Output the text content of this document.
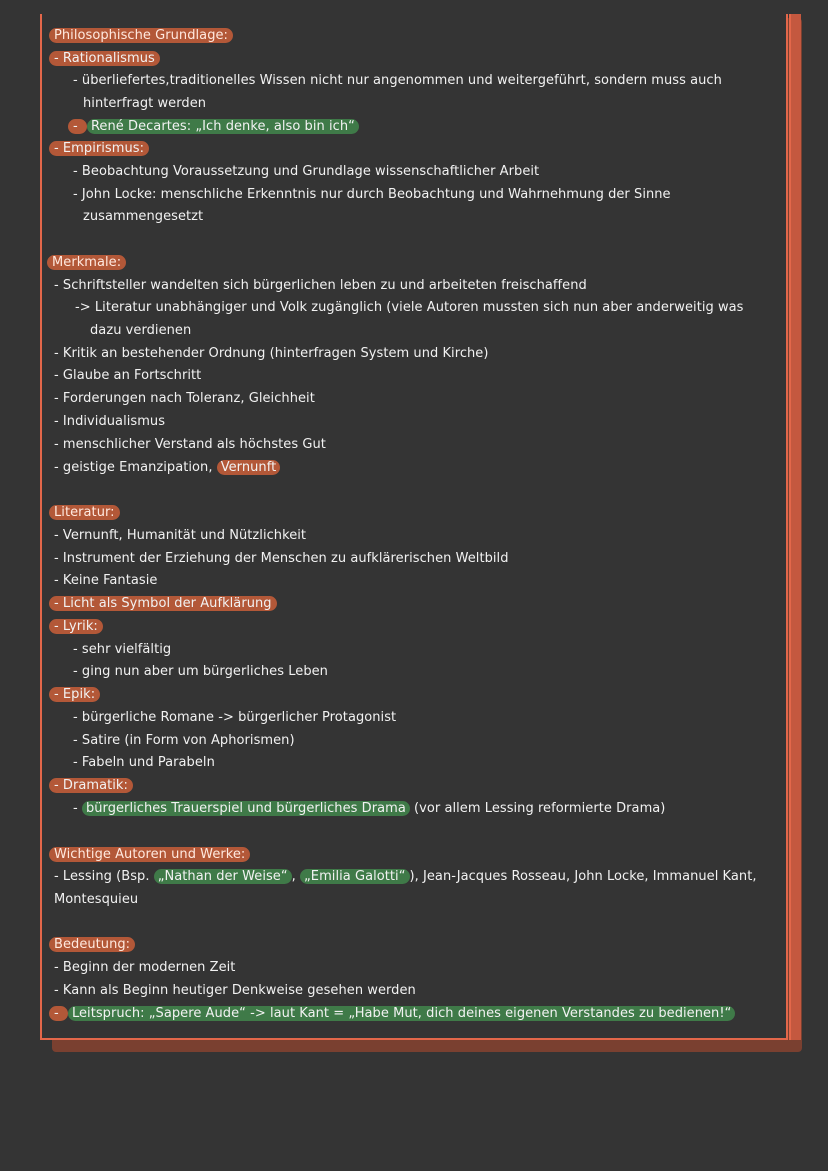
Philosophische Grundlage:
- Rationalismus
- überliefertes,traditionelles Wissen nicht nur angenommen und weitergeführt, sondern muss auch
hinterfragt werden
- René Decartes: „Ich denke, also bin ich“
- Empirismus:
- Beobachtung Voraussetzung und Grundlage wissenschaftlicher Arbeit
- John Locke: menschliche Erkenntnis nur durch Beobachtung und Wahrnehmung der Sinne
zusammengesetzt
Merkmale:
- Schriftsteller wandelten sich bürgerlichen leben zu und arbeiteten freischaffend
-> Literatur unabhängiger und Volk zugänglich (viele Autoren mussten sich nun aber anderweitig was
dazu verdienen
- Kritik an bestehender Ordnung (hinterfragen System und Kirche)
- Glaube an Fortschritt
- Forderungen nach Toleranz, Gleichheit
- Individualismus
- menschlicher Verstand als höchstes Gut
- geistige Emanzipation, Vernunft
Literatur:
- Vernunft, Humanität und Nützlichkeit
- Instrument der Erziehung der Menschen zu aufklärerischen Weltbild
- Keine Fantasie
- Licht als Symbol der Aufklärung
- Lyrik:
- sehr vielfältig
- ging nun aber um bürgerliches Leben
- Epik:
- bürgerliche Romane -> bürgerlicher Protagonist
- Satire (in Form von Aphorismen)
- Fabeln und Parabeln
- Dramatik:
- bürgerliches Trauerspiel und bürgerliches Drama (vor allem Lessing reformierte Drama)
Wichtige Autoren und Werke:
- Lessing (Bsp. „Nathan der Weise“ , „Emilia Galotti“ ), Jean-Jacques Rosseau, John Locke, Immanuel Kant,
Montesquieu
Bedeutung:
- Beginn der modernen Zeit
- Kann als Beginn heutiger Denkweise gesehen werden
- Leitspruch: „Sapere Aude“ -> laut Kant = „Habe Mut, dich deines eigenen Verstandes zu bedienen!“
